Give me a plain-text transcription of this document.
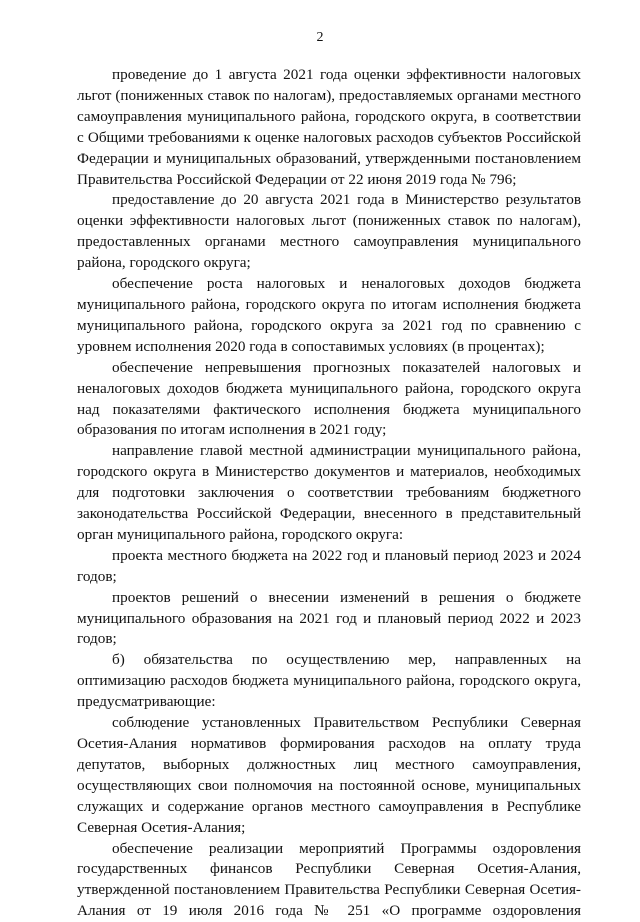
2

проведение до 1 августа 2021 года оценки эффективности налоговых льгот (пониженных ставок по налогам), предоставляемых органами местного самоуправления муниципального района, городского округа, в соответствии с Общими требованиями к оценке налоговых расходов субъектов Российской Федерации и муниципальных образований, утвержденными постановлением Правительства Российской Федерации от 22 июня 2019 года № 796;

предоставление до 20 августа 2021 года в Министерство результатов оценки эффективности налоговых льгот (пониженных ставок по налогам), предоставленных органами местного самоуправления муниципального района, городского округа;

обеспечение роста налоговых и неналоговых доходов бюджета муниципального района, городского округа по итогам исполнения бюджета муниципального района, городского округа за 2021 год по сравнению с уровнем исполнения 2020 года в сопоставимых условиях (в процентах);

обеспечение непревышения прогнозных показателей налоговых и неналоговых доходов бюджета муниципального района, городского округа над показателями фактического исполнения бюджета муниципального образования по итогам исполнения в 2021 году;

направление главой местной администрации муниципального района, городского округа в Министерство документов и материалов, необходимых для подготовки заключения о соответствии требованиям бюджетного законодательства Российской Федерации, внесенного в представительный орган муниципального района, городского округа:

проекта местного бюджета на 2022 год и плановый период 2023 и 2024 годов;

проектов решений о внесении изменений в решения о бюджете муниципального образования на 2021 год и плановый период 2022 и 2023 годов;

б) обязательства по осуществлению мер, направленных на оптимизацию расходов бюджета муниципального района, городского округа, предусматривающие:

соблюдение установленных Правительством Республики Северная Осетия-Алания нормативов формирования расходов на оплату труда депутатов, выборных должностных лиц местного самоуправления, осуществляющих свои полномочия на постоянной основе, муниципальных служащих и содержание органов местного самоуправления в Республике Северная Осетия-Алания;

обеспечение реализации мероприятий Программы оздоровления государственных финансов Республики Северная Осетия-Алания, утвержденной постановлением Правительства Республики Северная Осетия-Алания от 19 июля 2016 года № 251 «О программе оздоровления
